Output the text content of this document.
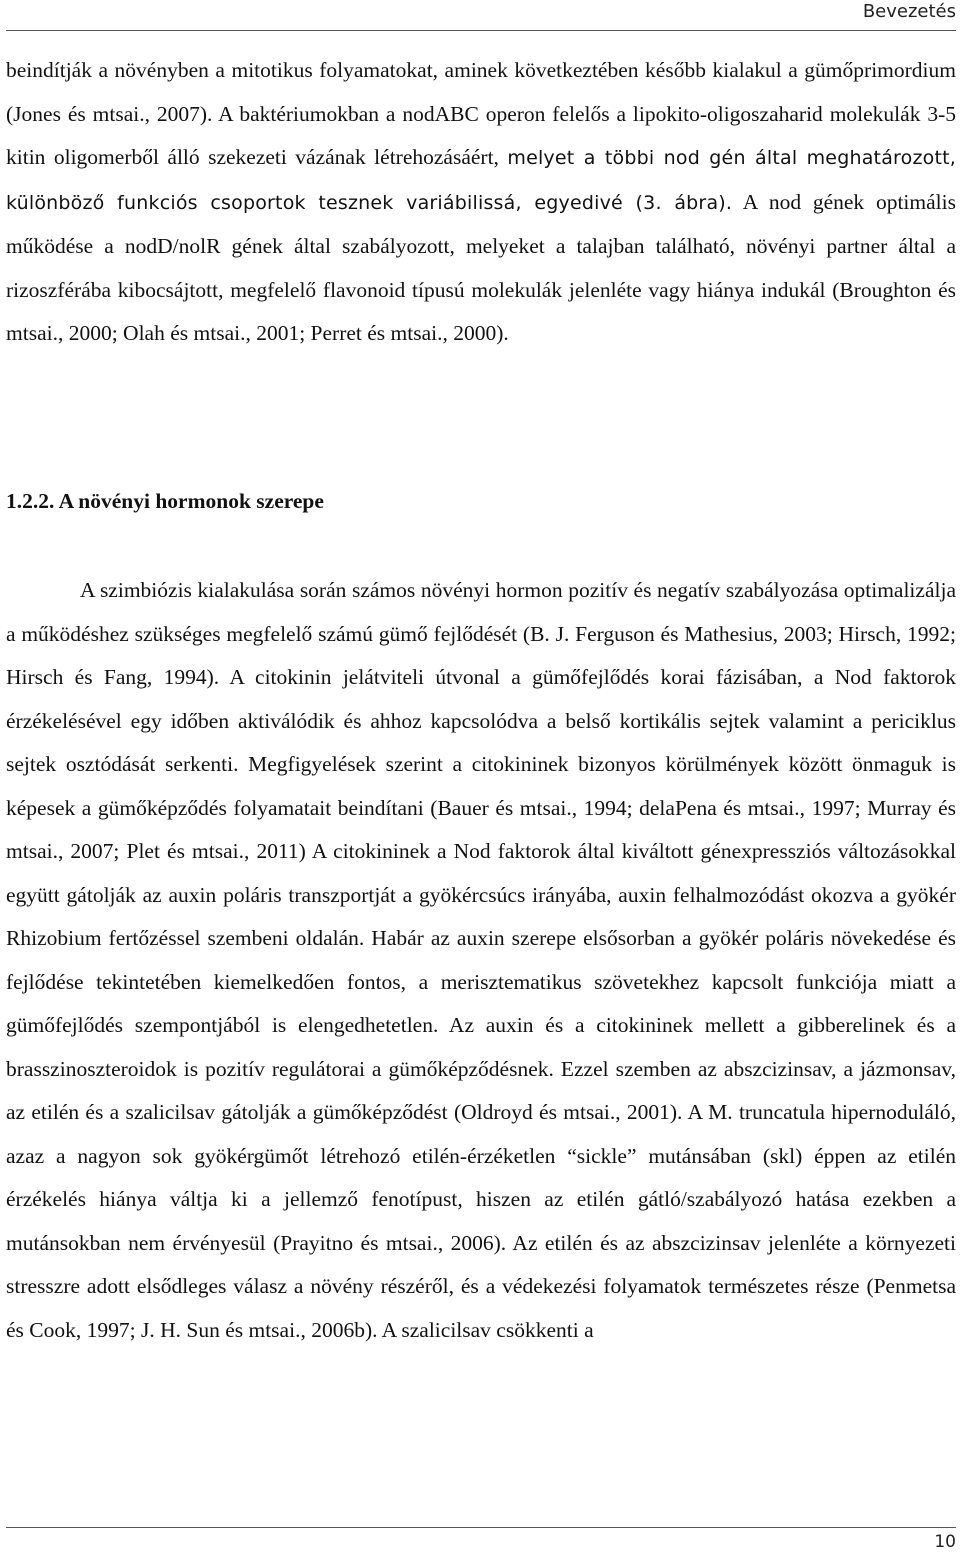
Bevezetés

beindítják a növényben a mitotikus folyamatokat, aminek következtében később kialakul a gümőprimordium (Jones és mtsai., 2007). A baktériumokban a nodABC operon felelős a lipokito-oligoszaharid molekulák 3-5 kitin oligomerből álló szekezeti vázának létrehozásáért, melyet a többi nod gén által meghatározott, különböző funkciós csoportok tesznek variábilissá, egyedivé (3. ábra). A nod gének optimális működése a nodD/nolR gének által szabályozott, melyeket a talajban található, növényi partner által a rizoszférába kibocsájtott, megfelelő flavonoid típusú molekulák jelenléte vagy hiánya indukál (Broughton és mtsai., 2000; Olah és mtsai., 2001; Perret és mtsai., 2000).

1.2.2. A növényi hormonok szerepe

A szimbiózis kialakulása során számos növényi hormon pozitív és negatív szabályozása optimalizálja a működéshez szükséges megfelelő számú gümő fejlődését (B. J. Ferguson és Mathesius, 2003; Hirsch, 1992; Hirsch és Fang, 1994). A citokinin jelátviteli útvonal a gümőfejlődés korai fázisában, a Nod faktorok érzékelésével egy időben aktiválódik és ahhoz kapcsolódva a belső kortikális sejtek valamint a periciklus sejtek osztódását serkenti. Megfigyelések szerint a citokininek bizonyos körülmények között önmaguk is képesek a gümőképződés folyamatait beindítani (Bauer és mtsai., 1994; delaPena és mtsai., 1997; Murray és mtsai., 2007; Plet és mtsai., 2011) A citokininek a Nod faktorok által kiváltott génexpressziós változásokkal együtt gátolják az auxin poláris transzportját a gyökércsúcs irányába, auxin felhalmozódást okozva a gyökér Rhizobium fertőzéssel szembeni oldalán. Habár az auxin szerepe elsősorban a gyökér poláris növekedése és fejlődése tekintetében kiemelkedően fontos, a merisztematikus szövetekhez kapcsolt funkciója miatt a gümőfejlődés szempontjából is elengedhetetlen. Az auxin és a citokininek mellett a gibberelinek és a brasszinoszteroidok is pozitív regulátorai a gümőképződésnek. Ezzel szemben az abszcizinsav, a jázmonsav, az etilén és a szalicilsav gátolják a gümőképződést (Oldroyd és mtsai., 2001). A M. truncatula hipernoduláló, azaz a nagyon sok gyökérgümőt létrehozó etilén-érzéketlen “sickle” mutánsában (skl) éppen az etilén érzékelés hiánya váltja ki a jellemző fenotípust, hiszen az etilén gátló/szabályozó hatása ezekben a mutánsokban nem érvényesül (Prayitno és mtsai., 2006). Az etilén és az abszcizinsav jelenléte a környezeti stresszre adott elsődleges válasz a növény részéről, és a védekezési folyamatok természetes része (Penmetsa és Cook, 1997; J. H. Sun és mtsai., 2006b). A szalicilsav csökkenti a

10
